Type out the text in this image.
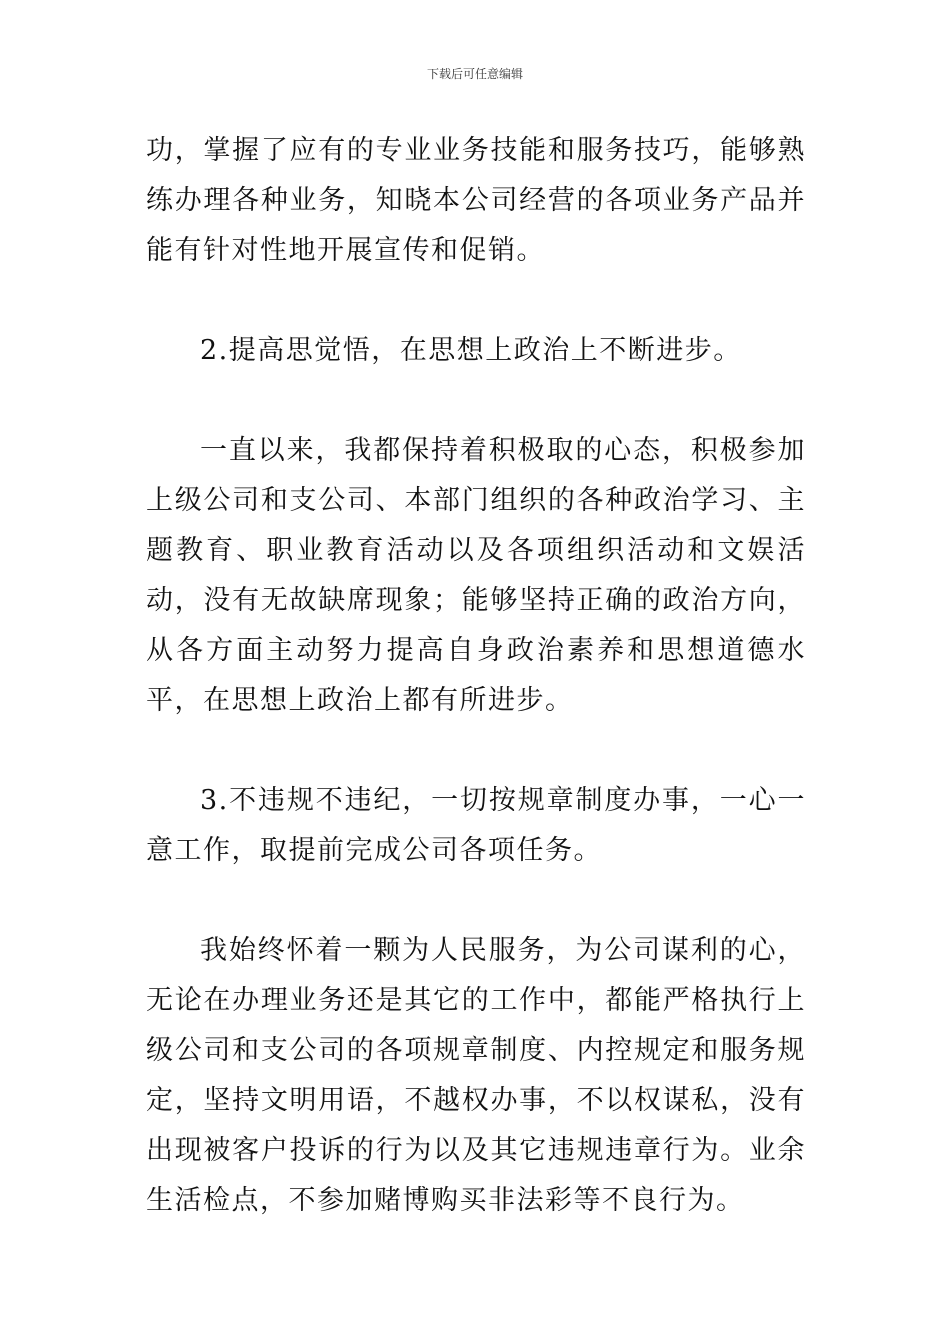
下载后可任意编辑

功，掌握了应有的专业业务技能和服务技巧，能够熟练办理各种业务，知晓本公司经营的各项业务产品并能有针对性地开展宣传和促销。

2.提高思觉悟，在思想上政治上不断进步。

一直以来，我都保持着积极取的心态，积极参加上级公司和支公司、本部门组织的各种政治学习、主题教育、职业教育活动以及各项组织活动和文娱活动，没有无故缺席现象；能够坚持正确的政治方向，从各方面主动努力提高自身政治素养和思想道德水平，在思想上政治上都有所进步。

3.不违规不违纪，一切按规章制度办事，一心一意工作，取提前完成公司各项任务。

我始终怀着一颗为人民服务，为公司谋利的心，无论在办理业务还是其它的工作中，都能严格执行上级公司和支公司的各项规章制度、内控规定和服务规定，坚持文明用语，不越权办事，不以权谋私，没有出现被客户投诉的行为以及其它违规违章行为。业余生活检点，不参加赌博购买非法彩等不良行为。
